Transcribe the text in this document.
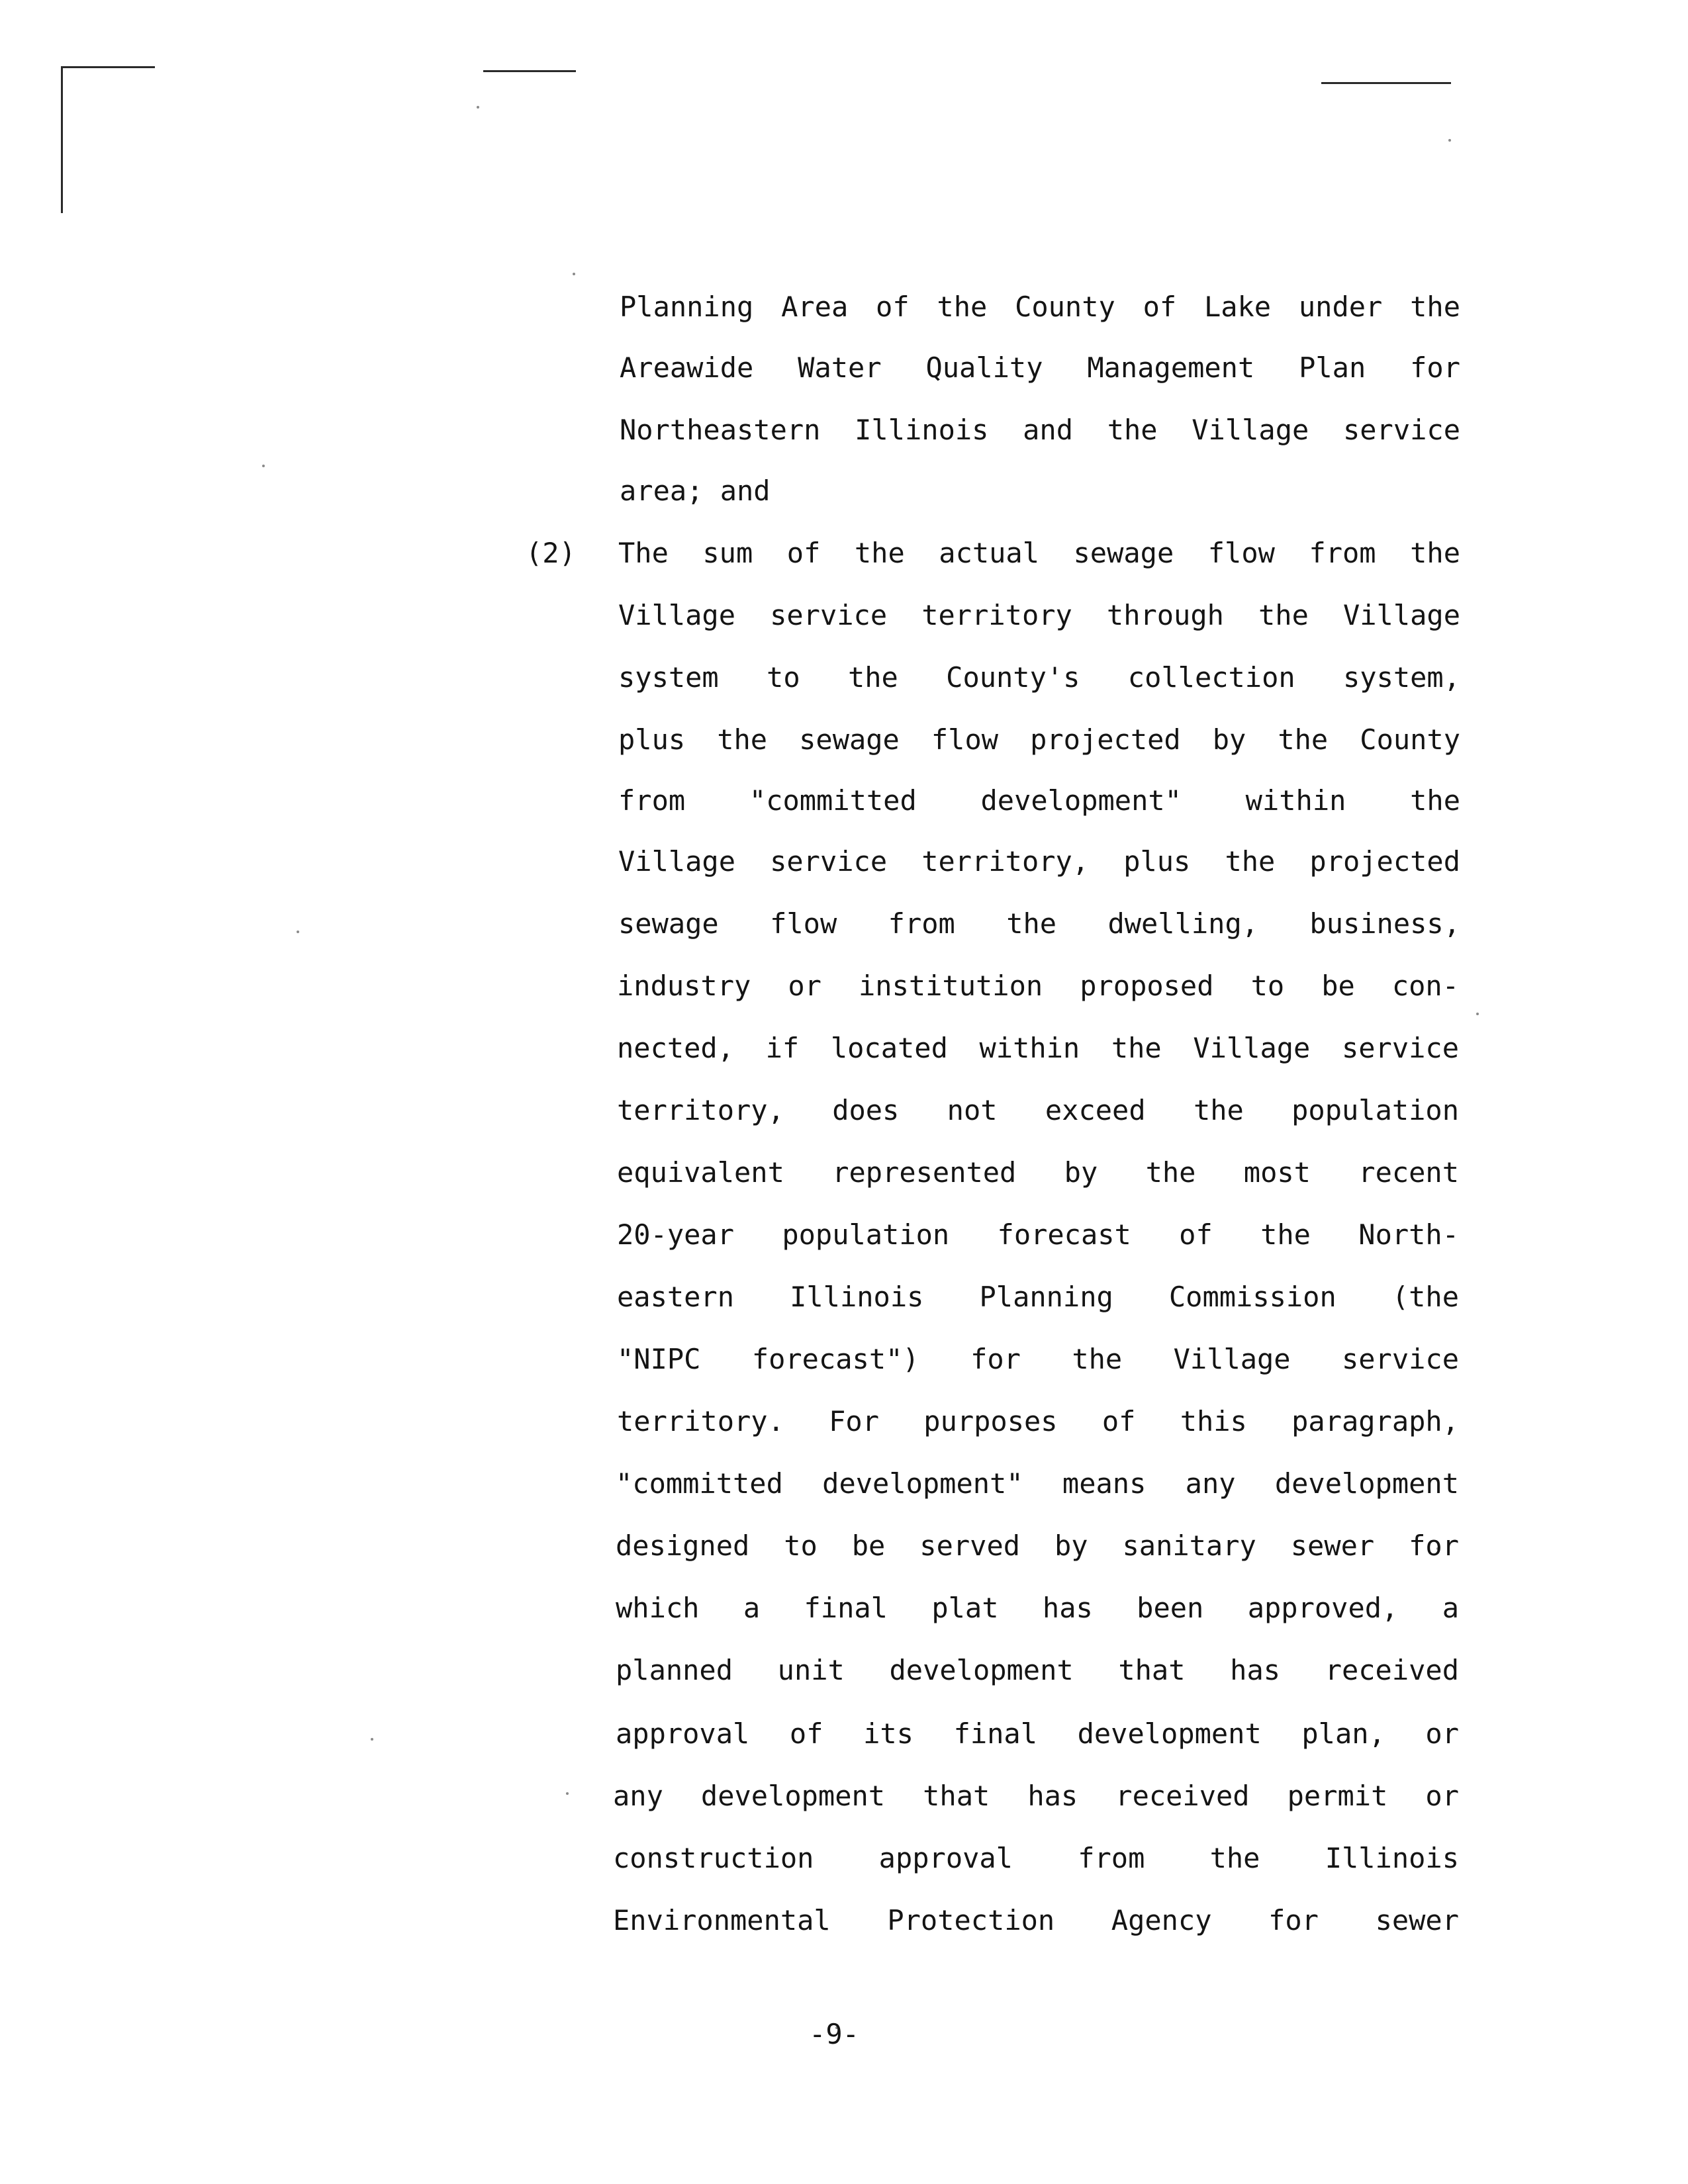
Planning Area of the County of Lake under the
Areawide Water Quality Management Plan for
Northeastern Illinois and the Village service
area; and
(2) The sum of the actual sewage flow from the
Village service territory through the Village
system to the County's collection system,
plus the sewage flow projected by the County
from "committed development" within the
Village service territory, plus the projected
sewage flow from the dwelling, business,
industry or institution proposed to be con-
nected, if located within the Village service
territory, does not exceed the population
equivalent represented by the most recent
20-year population forecast of the North-
eastern Illinois Planning Commission (the
"NIPC forecast") for the Village service
territory. For purposes of this paragraph,
"committed development" means any development
designed to be served by sanitary sewer for
which a final plat has been approved, a
planned unit development that has received
approval of its final development plan, or
any development that has received permit or
construction approval from the Illinois
Environmental Protection Agency for sewer
-9-
